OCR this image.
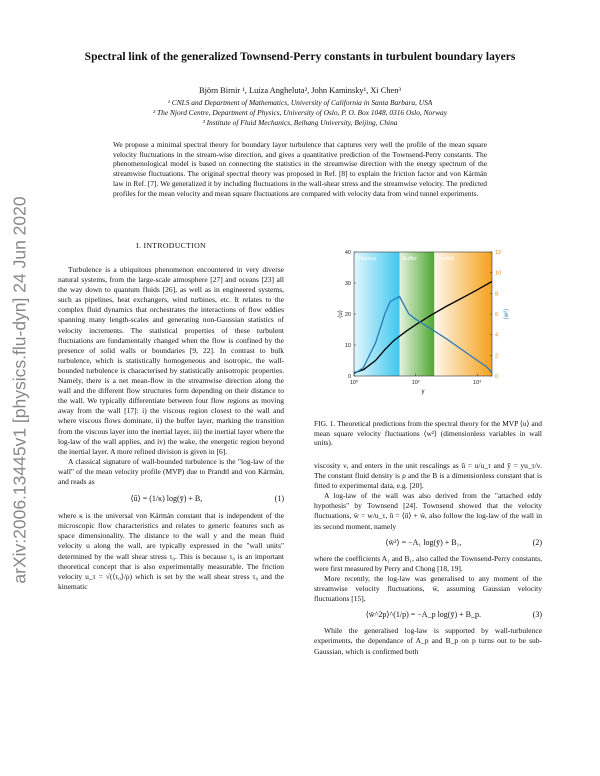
Spectral link of the generalized Townsend-Perry constants in turbulent boundary layers
Björn Birnir ¹, Luiza Angheluta², John Kaminsky¹, Xi Chen³
¹ CNLS and Department of Mathematics, University of California in Santa Barbara, USA
² The Njord Centre, Department of Physics, University of Oslo, P. O. Box 1048, 0316 Oslo, Norway
³ Institute of Fluid Mechanics, Beihang University, Beijing, China
We propose a minimal spectral theory for boundary layer turbulence that captures very well the profile of the mean square velocity fluctuations in the stream-wise direction, and gives a quantitative prediction of the Townsend-Perry constants. The phenomenological model is based on connecting the statistics in the streamwise direction with the energy spectrum of the streamwise fluctuations. The original spectral theory was proposed in Ref. [8] to explain the friction factor and von Kármán law in Ref. [7]. We generalized it by including fluctuations in the wall-shear stress and the streamwise velocity. The predicted profiles for the mean velocity and mean square fluctuations are compared with velocity data from wind tunnel experiments.
arXiv:2006.13445v1 [physics.flu-dyn] 24 Jun 2020	I. INTRODUCTION

Turbulence is a ubiquitous phenomenon encountered in very diverse natural systems, from the large-scale atmosphere [27] and oceans [23] all the way down to quantum fluids [26], as well as in engineered systems, such as pipelines, heat exchangers, wind turbines, etc. It relates to the complex fluid dynamics that orchestrates the interactions of flow eddies spanning many length-scales and generating non-Gaussian statistics of velocity increments. The statistical properties of these turbulent fluctuations are fundamentally changed when the flow is confined by the presence of solid walls or boundaries [9, 22]. In contrast to bulk turbulence, which is statistically homogeneous and isotropic, the wall-bounded turbulence is characterised by statistically anisotropic properties. Namely, there is a net mean-flow in the streamwise direction along the wall and the different flow structures form depending on their distance to the wall. We typically differentiate between four flow regions as moving away from the wall [17]: i) the viscous region closest to the wall and where viscous flows dominate, ii) the buffer layer, marking the transition from the viscous layer into the inertial layer, iii) the inertial layer where the log-law of the wall applies, and iv) the wake, the energetic region beyond the inertial layer. A more refined division is given in [6].

A classical signature of wall-bounded turbulence is the "log-law of the wall" of the mean velocity profile (MVP) due to Prandtl and von Kármán, and reads as

⟨ū⟩ = (1/κ) log(ȳ) + B,	(1)

where κ is the universal von Kármán constant that is independent of the microscopic flow characteristics and relates to generic features such as space dimensionality. The distance to the wall y and the mean fluid velocity u along the wall, are typically expressed in the "wall units" determined by the wall shear stress τ₀. This is because τ₀ is an important theoretical concept that is also experimentally measurable. The friction velocity u_τ = √(⟨τ₀⟩/ρ) which is set by the wall shear stress τ₀ and the kinematic

Viscous	Buffer	Inertial
0
10
20
30
40
0
2
4
6
8
10
12
10⁰	10²	10⁴
y
⟨u⟩	⟨w²⟩
FIG. 1. Theoretical predictions from the spectral theory for the MVP ⟨u⟩ and mean square velocity fluctuations ⟨w²⟩ (dimensionless variables in wall units).

viscosity ν, and enters in the unit rescalings as ū = u/u_τ and ȳ = yu_τ/ν. The constant fluid density is ρ and the B is a dimensionless constant that is fitted to experimental data, e.g. [20].

A log-law of the wall was also derived from the "attached eddy hypothesis" by Townsend [24]. Townsend showed that the velocity fluctuations, w̄ = w/u_τ, ū = ⟨ū⟩ + w̄, also follow the log-law of the wall in its second moment, namely

⟨w̄²⟩ = −A₁ log(ȳ) + B₁,	(2)

where the coefficients A₁ and B₁, also called the Townsend-Perry constants, were first measured by Perry and Chong [18, 19].

More recently, the log-law was generalised to any moment of the streamwise velocity fluctuations, w̄, assuming Gaussian velocity fluctuations [15],

⟨w̄^2p⟩^(1/p) = −A_p log(ȳ) + B_p.	(3)

While the generalised log-law is supported by wall-turbulence experiments, the dependance of A_p and B_p on p turns out to be sub-Gaussian, which is confirmed both
